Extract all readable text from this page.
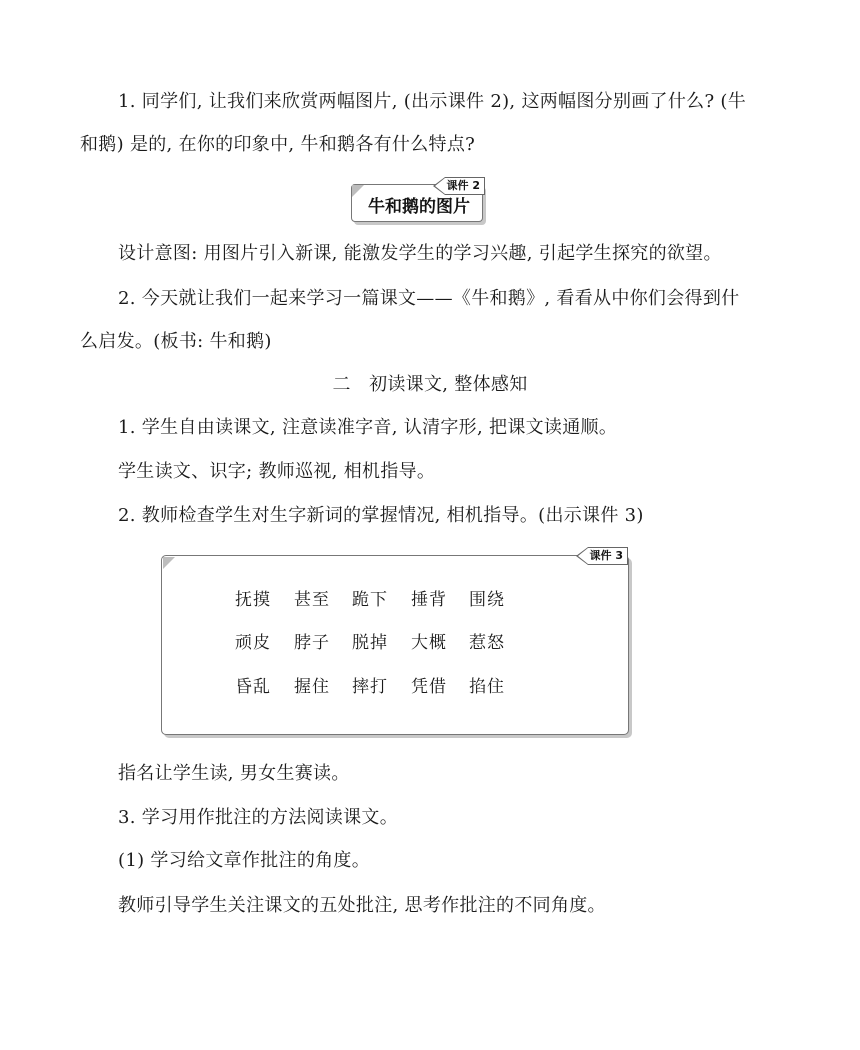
1. 同学们, 让我们来欣赏两幅图片, (出示课件 2), 这两幅图分别画了什么? (牛
和鹅) 是的, 在你的印象中, 牛和鹅各有什么特点?
牛和鹅的图片
课件 2
设计意图: 用图片引入新课, 能激发学生的学习兴趣, 引起学生探究的欲望。
2. 今天就让我们一起来学习一篇课文——《牛和鹅》, 看看从中你们会得到什
么启发。(板书: 牛和鹅)
二　初读课文, 整体感知
1. 学生自由读课文, 注意读准字音, 认清字形, 把课文读通顺。
学生读文、识字; 教师巡视, 相机指导。
2. 教师检查学生对生字新词的掌握情况, 相机指导。(出示课件 3)
课件 3
抚摸 甚至 跪下 捶背 围绕
顽皮 脖子 脱掉 大概 惹怒
昏乱 握住 摔打 凭借 掐住
指名让学生读, 男女生赛读。
3. 学习用作批注的方法阅读课文。
(1) 学习给文章作批注的角度。
教师引导学生关注课文的五处批注, 思考作批注的不同角度。
